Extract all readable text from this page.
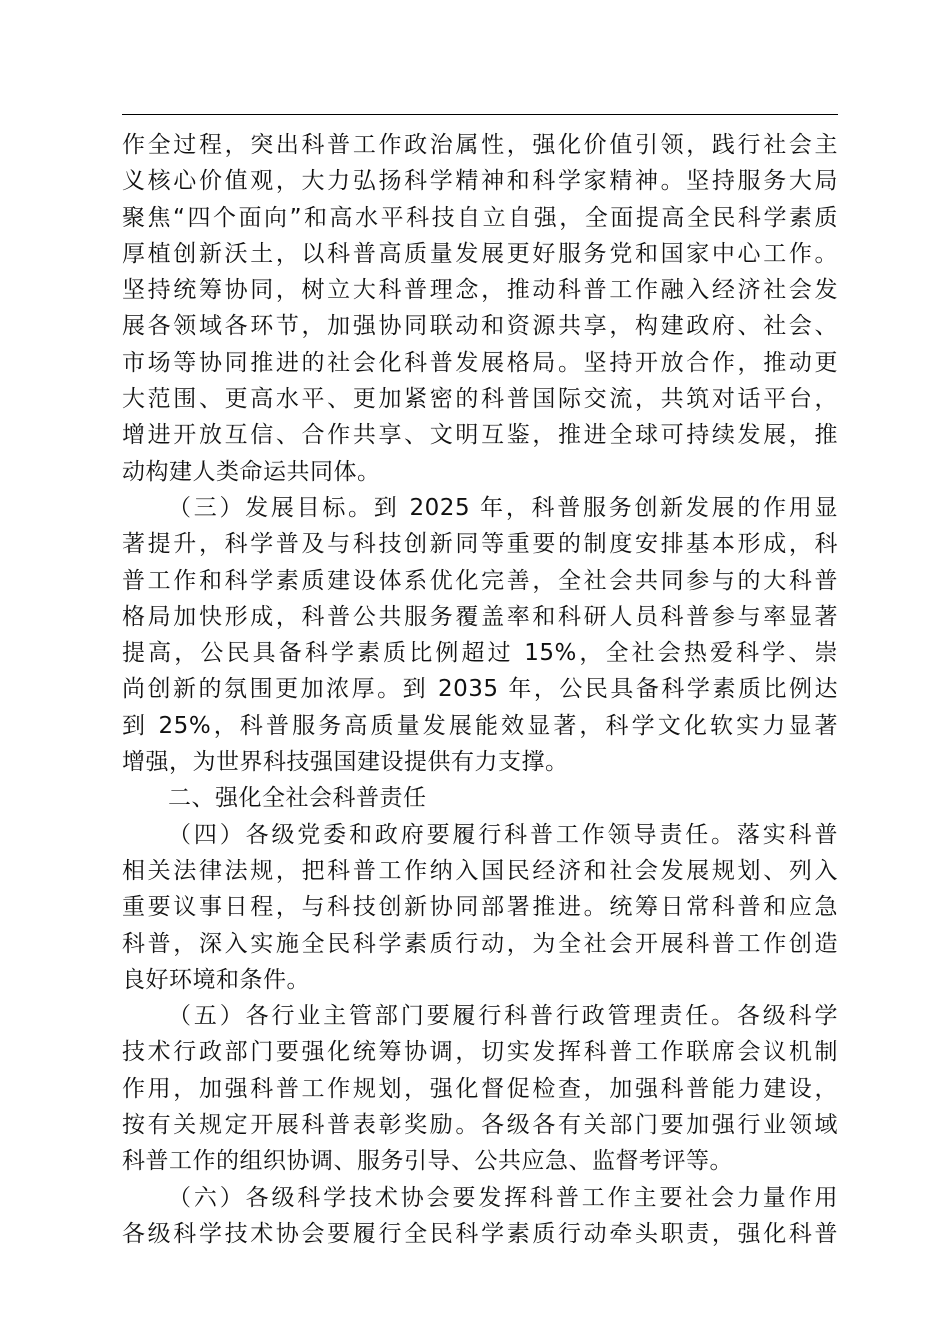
作全过程，突出科普工作政治属性，强化价值引领，践行社会主
义核心价值观，大力弘扬科学精神和科学家精神。坚持服务大局
聚焦“四个面向”和高水平科技自立自强，全面提高全民科学素质
厚植创新沃土，以科普高质量发展更好服务党和国家中心工作。
坚持统筹协同，树立大科普理念，推动科普工作融入经济社会发
展各领域各环节，加强协同联动和资源共享，构建政府、社会、
市场等协同推进的社会化科普发展格局。坚持开放合作，推动更
大范围、更高水平、更加紧密的科普国际交流，共筑对话平台，
增进开放互信、合作共享、文明互鉴，推进全球可持续发展，推
动构建人类命运共同体。
（三）发展目标。到 2025 年，科普服务创新发展的作用显
著提升，科学普及与科技创新同等重要的制度安排基本形成，科
普工作和科学素质建设体系优化完善，全社会共同参与的大科普
格局加快形成，科普公共服务覆盖率和科研人员科普参与率显著
提高，公民具备科学素质比例超过 15%，全社会热爱科学、崇
尚创新的氛围更加浓厚。到 2035 年，公民具备科学素质比例达
到 25%，科普服务高质量发展能效显著，科学文化软实力显著
增强，为世界科技强国建设提供有力支撑。
二、强化全社会科普责任
（四）各级党委和政府要履行科普工作领导责任。落实科普
相关法律法规，把科普工作纳入国民经济和社会发展规划、列入
重要议事日程，与科技创新协同部署推进。统筹日常科普和应急
科普，深入实施全民科学素质行动，为全社会开展科普工作创造
良好环境和条件。
（五）各行业主管部门要履行科普行政管理责任。各级科学
技术行政部门要强化统筹协调，切实发挥科普工作联席会议机制
作用，加强科普工作规划，强化督促检查，加强科普能力建设，
按有关规定开展科普表彰奖励。各级各有关部门要加强行业领域
科普工作的组织协调、服务引导、公共应急、监督考评等。
（六）各级科学技术协会要发挥科普工作主要社会力量作用
各级科学技术协会要履行全民科学素质行动牵头职责，强化科普
